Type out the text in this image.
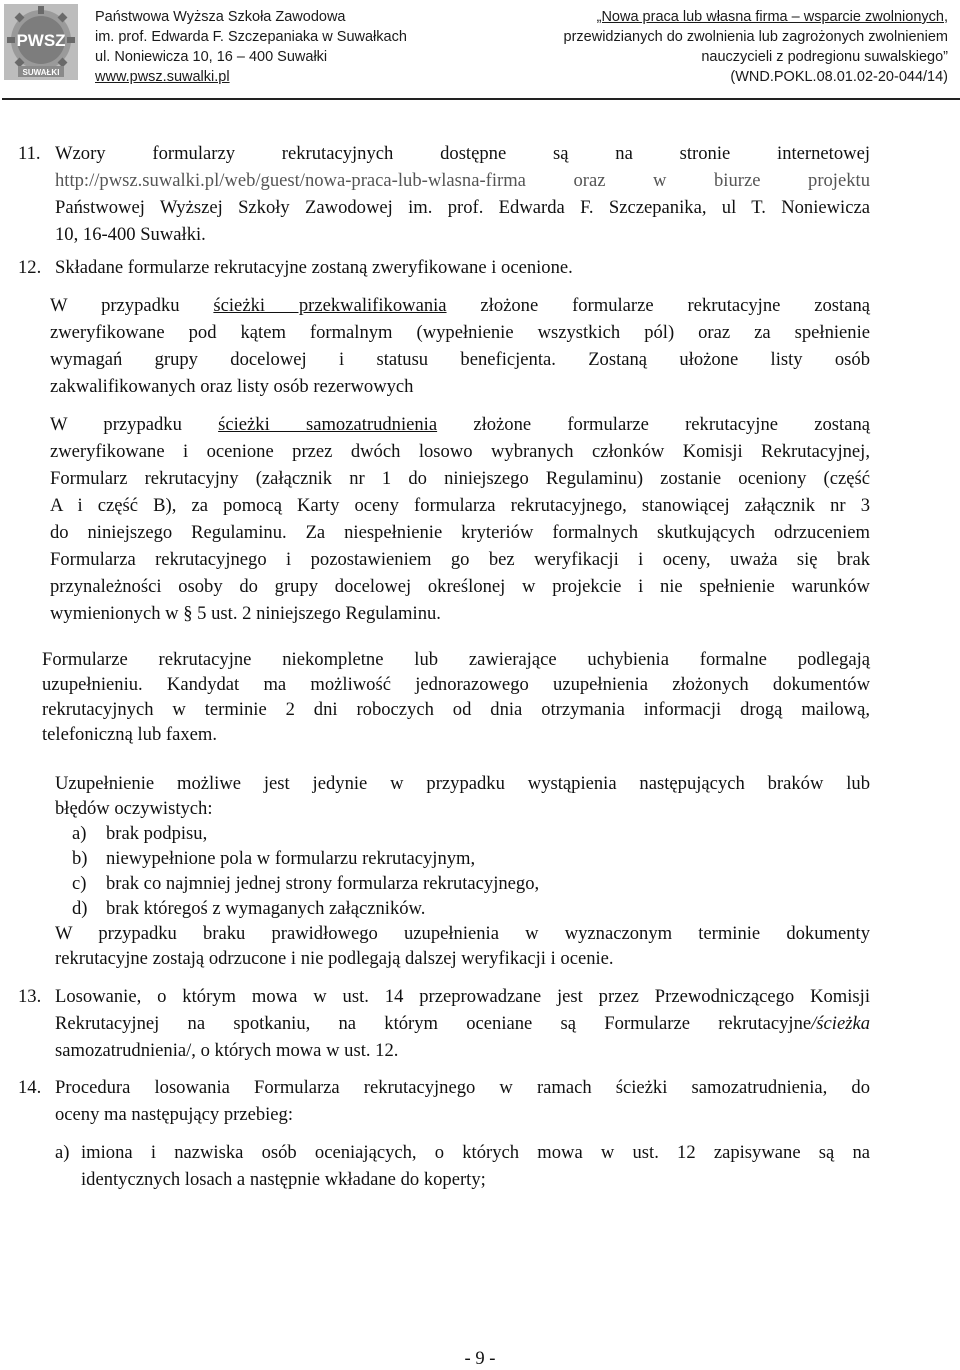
PWSZ
SUWAŁKI
Państwowa Wyższa Szkoła Zawodowa
im. prof. Edwarda F. Szczepaniaka w Suwałkach
ul. Noniewicza 10, 16 – 400 Suwałki
www.pwsz.suwalki.pl
„Nowa praca lub własna firma – wsparcie zwolnionych,
przewidzianych do zwolnienia lub zagrożonych zwolnieniem
nauczycieli z podregionu suwalskiego”
(WND.POKL.08.01.02-20-044/14)
11. Wzory formularzy rekrutacyjnych dostępne są na stronie internetowej
http://pwsz.suwalki.pl/web/guest/nowa-praca-lub-wlasna-firma oraz w biurze projektu
Państwowej Wyższej Szkoły Zawodowej im. prof. Edwarda F. Szczepanika, ul T. Noniewicza
10, 16-400 Suwałki.
12. Składane formularze rekrutacyjne zostaną zweryfikowane i ocenione.
W przypadku ścieżki przekwalifikowania złożone formularze rekrutacyjne zostaną
zweryfikowane pod kątem formalnym (wypełnienie wszystkich pól) oraz za spełnienie
wymagań grupy docelowej i statusu beneficjenta. Zostaną ułożone listy osób
zakwalifikowanych oraz listy osób rezerwowych
W przypadku ścieżki samozatrudnienia złożone formularze rekrutacyjne zostaną
zweryfikowane i ocenione przez dwóch losowo wybranych członków Komisji Rekrutacyjnej,
Formularz rekrutacyjny (załącznik nr 1 do niniejszego Regulaminu) zostanie oceniony (część
A i część B), za pomocą Karty oceny formularza rekrutacyjnego, stanowiącej załącznik nr 3
do niniejszego Regulaminu. Za niespełnienie kryteriów formalnych skutkujących odrzuceniem
Formularza rekrutacyjnego i pozostawieniem go bez weryfikacji i oceny, uważa się brak
przynależności osoby do grupy docelowej określonej w projekcie i nie spełnienie warunków
wymienionych w § 5 ust. 2 niniejszego Regulaminu.
Formularze rekrutacyjne niekompletne lub zawierające uchybienia formalne podlegają
uzupełnieniu. Kandydat ma możliwość jednorazowego uzupełnienia złożonych dokumentów
rekrutacyjnych w terminie 2 dni roboczych od dnia otrzymania informacji drogą mailową,
telefoniczną lub faxem.
Uzupełnienie możliwe jest jedynie w przypadku wystąpienia następujących braków lub
błędów oczywistych:
a) brak podpisu,
b) niewypełnione pola w formularzu rekrutacyjnym,
c) brak co najmniej jednej strony formularza rekrutacyjnego,
d) brak któregoś z wymaganych załączników.
W przypadku braku prawidłowego uzupełnienia w wyznaczonym terminie dokumenty
rekrutacyjne zostają odrzucone i nie podlegają dalszej weryfikacji i ocenie.
13. Losowanie, o którym mowa w ust. 14 przeprowadzane jest przez Przewodniczącego Komisji
Rekrutacyjnej na spotkaniu, na którym oceniane są Formularze rekrutacyjne/ścieżka
samozatrudnienia/, o których mowa w ust. 12.
14. Procedura losowania Formularza rekrutacyjnego w ramach ścieżki samozatrudnienia, do
oceny ma następujący przebieg:
a) imiona i nazwiska osób oceniających, o których mowa w ust. 12 zapisywane są na
identycznych losach a następnie wkładane do koperty;
- 9 -
